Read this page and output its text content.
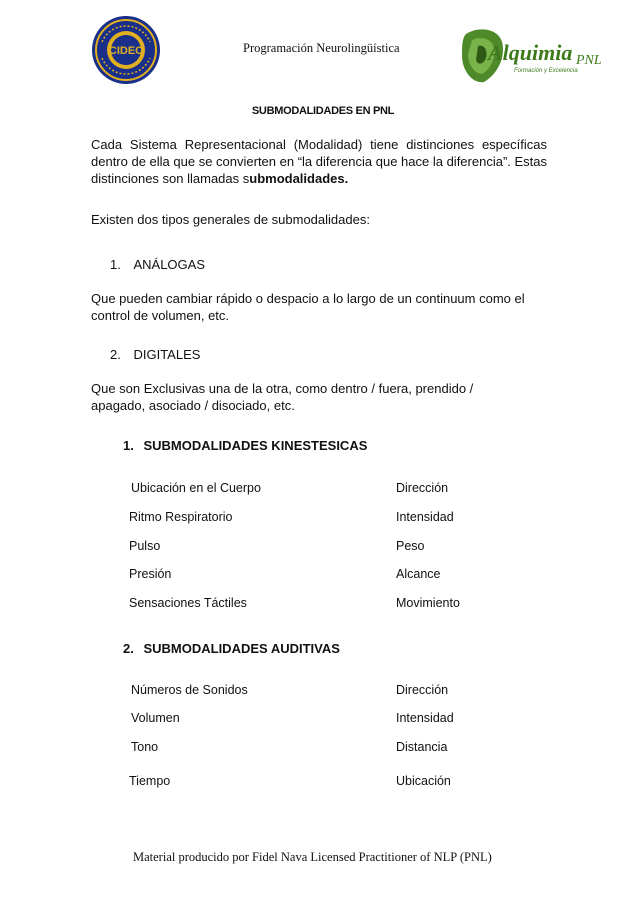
Programación Neurolingüística
CIDEC	Alquimia PNL
Formación y Excelencia
SUBMODALIDADES EN PNL
Cada Sistema Representacional (Modalidad) tiene distinciones específicas dentro de ella que se convierten en “la diferencia que hace la diferencia”. Estas distinciones son llamadas submodalidades.
Existen dos tipos generales de submodalidades:
1. ANÁLOGAS
Que pueden cambiar rápido o despacio a lo largo de un continuum como el control de volumen, etc.
2. DIGITALES
Que son Exclusivas una de la otra, como dentro / fuera, prendido / apagado, asociado / disociado, etc.
1. SUBMODALIDADES KINESTESICAS
Ubicación en el Cuerpo	Dirección
Ritmo Respiratorio	Intensidad
Pulso	Peso
Presión	Alcance
Sensaciones Táctiles	Movimiento
2. SUBMODALIDADES AUDITIVAS
Números de Sonidos	Dirección
Volumen	Intensidad
Tono	Distancia
Tiempo	Ubicación
Material producido por Fidel Nava Licensed Practitioner of NLP (PNL)
